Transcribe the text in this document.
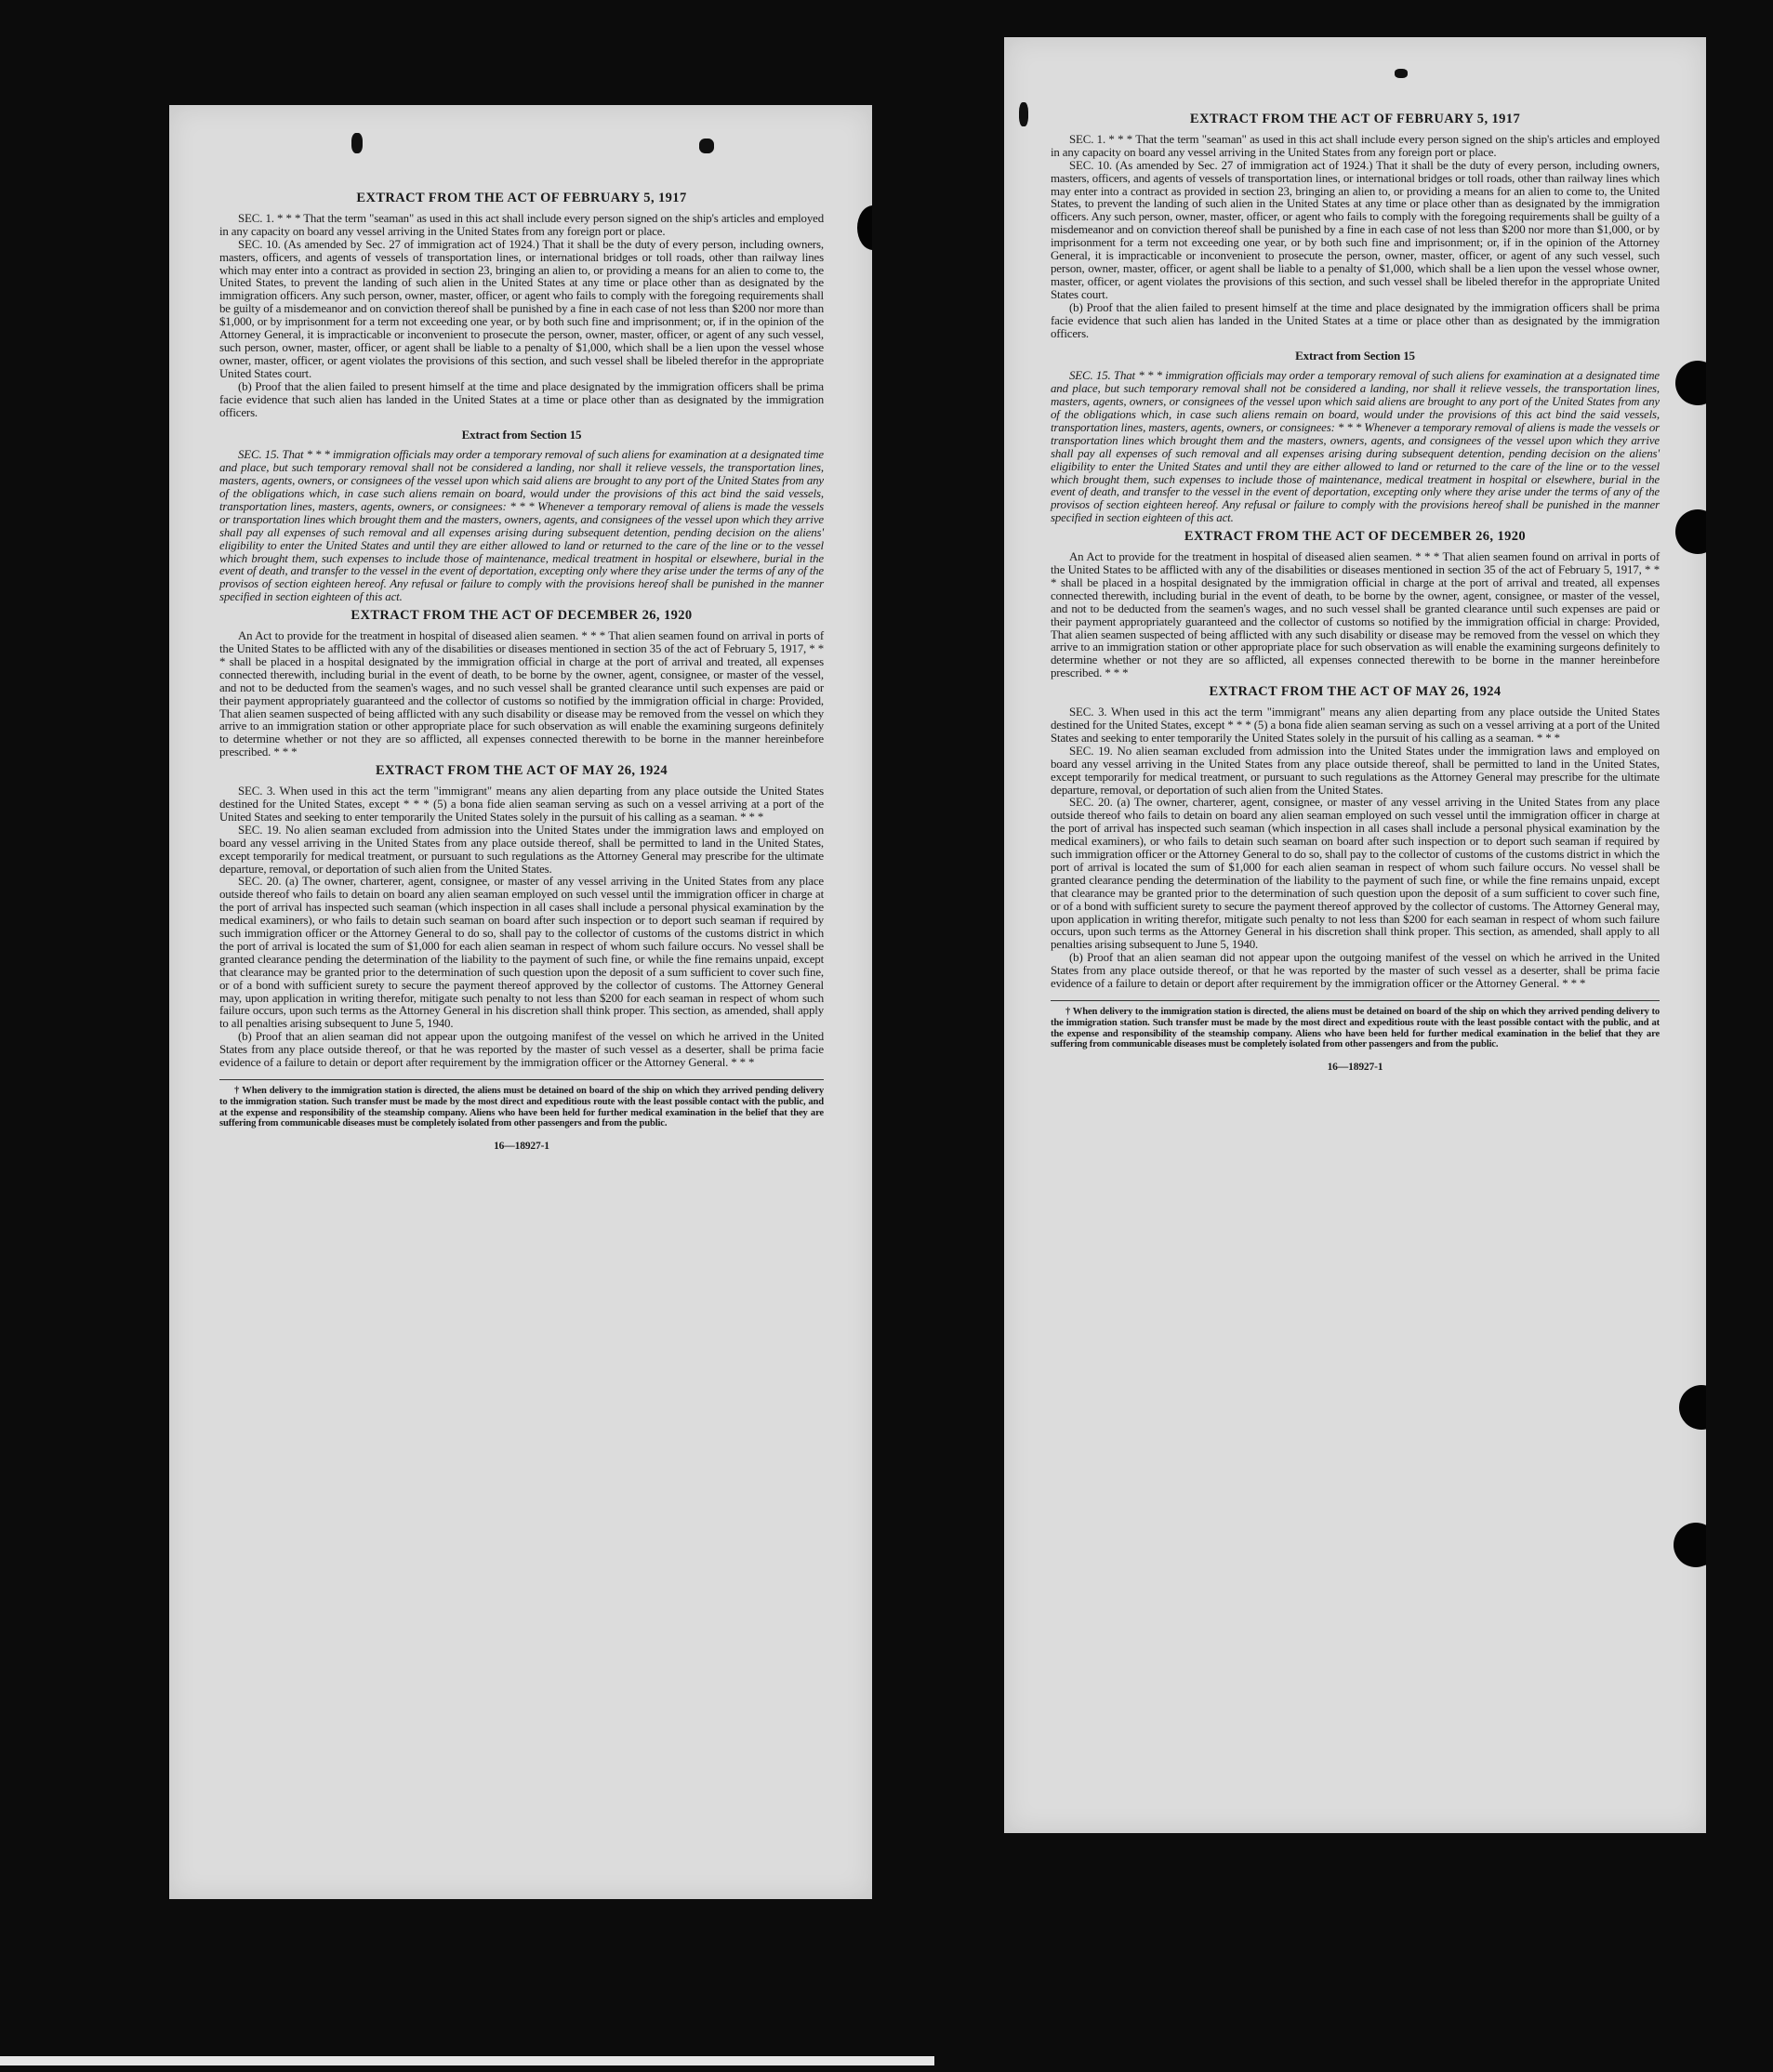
EXTRACT FROM THE ACT OF FEBRUARY 5, 1917

SEC. 1. * * * That the term "seaman" as used in this act shall include every person signed on the ship's articles and employed in any capacity on board any vessel arriving in the United States from any foreign port or place.

SEC. 10. (As amended by Sec. 27 of immigration act of 1924.) That it shall be the duty of every person, including owners, masters, officers, and agents of vessels of transportation lines, or international bridges or toll roads, other than railway lines which may enter into a contract as provided in section 23, bringing an alien to, or providing a means for an alien to come to, the United States, to prevent the landing of such alien in the United States at any time or place other than as designated by the immigration officers. Any such person, owner, master, officer, or agent who fails to comply with the foregoing requirements shall be guilty of a misdemeanor and on conviction thereof shall be punished by a fine in each case of not less than $200 nor more than $1,000, or by imprisonment for a term not exceeding one year, or by both such fine and imprisonment; or, if in the opinion of the Attorney General, it is impracticable or inconvenient to prosecute the person, owner, master, officer, or agent of any such vessel, such person, owner, master, officer, or agent shall be liable to a penalty of $1,000, which shall be a lien upon the vessel whose owner, master, officer, or agent violates the provisions of this section, and such vessel shall be libeled therefor in the appropriate United States court.

(b) Proof that the alien failed to present himself at the time and place designated by the immigration officers shall be prima facie evidence that such alien has landed in the United States at a time or place other than as designated by the immigration officers.

Extract from Section 15

SEC. 15. That * * * immigration officials may order a temporary removal of such aliens for examination at a designated time and place, but such temporary removal shall not be considered a landing, nor shall it relieve vessels, the transportation lines, masters, agents, owners, or consignees of the vessel upon which said aliens are brought to any port of the United States from any of the obligations which, in case such aliens remain on board, would under the provisions of this act bind the said vessels, transportation lines, masters, agents, owners, or consignees: * * * Whenever a temporary removal of aliens is made the vessels or transportation lines which brought them and the masters, owners, agents, and consignees of the vessel upon which they arrive shall pay all expenses of such removal and all expenses arising during subsequent detention, pending decision on the aliens' eligibility to enter the United States and until they are either allowed to land or returned to the care of the line or to the vessel which brought them, such expenses to include those of maintenance, medical treatment in hospital or elsewhere, burial in the event of death, and transfer to the vessel in the event of deportation, excepting only where they arise under the terms of any of the provisos of section eighteen hereof. Any refusal or failure to comply with the provisions hereof shall be punished in the manner specified in section eighteen of this act.

EXTRACT FROM THE ACT OF DECEMBER 26, 1920

An Act to provide for the treatment in hospital of diseased alien seamen. * * * That alien seamen found on arrival in ports of the United States to be afflicted with any of the disabilities or diseases mentioned in section 35 of the act of February 5, 1917, * * * shall be placed in a hospital designated by the immigration official in charge at the port of arrival and treated, all expenses connected therewith, including burial in the event of death, to be borne by the owner, agent, consignee, or master of the vessel, and not to be deducted from the seamen's wages, and no such vessel shall be granted clearance until such expenses are paid or their payment appropriately guaranteed and the collector of customs so notified by the immigration official in charge: Provided, That alien seamen suspected of being afflicted with any such disability or disease may be removed from the vessel on which they arrive to an immigration station or other appropriate place for such observation as will enable the examining surgeons definitely to determine whether or not they are so afflicted, all expenses connected therewith to be borne in the manner hereinbefore prescribed. * * *

EXTRACT FROM THE ACT OF MAY 26, 1924

SEC. 3. When used in this act the term "immigrant" means any alien departing from any place outside the United States destined for the United States, except * * * (5) a bona fide alien seaman serving as such on a vessel arriving at a port of the United States and seeking to enter temporarily the United States solely in the pursuit of his calling as a seaman. * * *

SEC. 19. No alien seaman excluded from admission into the United States under the immigration laws and employed on board any vessel arriving in the United States from any place outside thereof, shall be permitted to land in the United States, except temporarily for medical treatment, or pursuant to such regulations as the Attorney General may prescribe for the ultimate departure, removal, or deportation of such alien from the United States.

SEC. 20. (a) The owner, charterer, agent, consignee, or master of any vessel arriving in the United States from any place outside thereof who fails to detain on board any alien seaman employed on such vessel until the immigration officer in charge at the port of arrival has inspected such seaman (which inspection in all cases shall include a personal physical examination by the medical examiners), or who fails to detain such seaman on board after such inspection or to deport such seaman if required by such immigration officer or the Attorney General to do so, shall pay to the collector of customs of the customs district in which the port of arrival is located the sum of $1,000 for each alien seaman in respect of whom such failure occurs. No vessel shall be granted clearance pending the determination of the liability to the payment of such fine, or while the fine remains unpaid, except that clearance may be granted prior to the determination of such question upon the deposit of a sum sufficient to cover such fine, or of a bond with sufficient surety to secure the payment thereof approved by the collector of customs. The Attorney General may, upon application in writing therefor, mitigate such penalty to not less than $200 for each seaman in respect of whom such failure occurs, upon such terms as the Attorney General in his discretion shall think proper. This section, as amended, shall apply to all penalties arising subsequent to June 5, 1940.

(b) Proof that an alien seaman did not appear upon the outgoing manifest of the vessel on which he arrived in the United States from any place outside thereof, or that he was reported by the master of such vessel as a deserter, shall be prima facie evidence of a failure to detain or deport after requirement by the immigration officer or the Attorney General. * * *

† When delivery to the immigration station is directed, the aliens must be detained on board of the ship on which they arrived pending delivery to the immigration station. Such transfer must be made by the most direct and expeditious route with the least possible contact with the public, and at the expense and responsibility of the steamship company. Aliens who have been held for further medical examination in the belief that they are suffering from communicable diseases must be completely isolated from other passengers and from the public.

16—18927-1
EXTRACT FROM THE ACT OF FEBRUARY 5, 1917

SEC. 1. * * * That the term "seaman" as used in this act shall include every person signed on the ship's articles and employed in any capacity on board any vessel arriving in the United States from any foreign port or place.

SEC. 10. (As amended by Sec. 27 of immigration act of 1924.) That it shall be the duty of every person, including owners, masters, officers, and agents of vessels of transportation lines, or international bridges or toll roads, other than railway lines which may enter into a contract as provided in section 23, bringing an alien to, or providing a means for an alien to come to, the United States, to prevent the landing of such alien in the United States at any time or place other than as designated by the immigration officers. Any such person, owner, master, officer, or agent who fails to comply with the foregoing requirements shall be guilty of a misdemeanor and on conviction thereof shall be punished by a fine in each case of not less than $200 nor more than $1,000, or by imprisonment for a term not exceeding one year, or by both such fine and imprisonment; or, if in the opinion of the Attorney General, it is impracticable or inconvenient to prosecute the person, owner, master, officer, or agent of any such vessel, such person, owner, master, officer, or agent shall be liable to a penalty of $1,000, which shall be a lien upon the vessel whose owner, master, officer, or agent violates the provisions of this section, and such vessel shall be libeled therefor in the appropriate United States court.

(b) Proof that the alien failed to present himself at the time and place designated by the immigration officers shall be prima facie evidence that such alien has landed in the United States at a time or place other than as designated by the immigration officers.

Extract from Section 15

SEC. 15. That * * * immigration officials may order a temporary removal of such aliens for examination at a designated time and place, but such temporary removal shall not be considered a landing, nor shall it relieve vessels, the transportation lines, masters, agents, owners, or consignees of the vessel upon which said aliens are brought to any port of the United States from any of the obligations which, in case such aliens remain on board, would under the provisions of this act bind the said vessels, transportation lines, masters, agents, owners, or consignees: * * * Whenever a temporary removal of aliens is made the vessels or transportation lines which brought them and the masters, owners, agents, and consignees of the vessel upon which they arrive shall pay all expenses of such removal and all expenses arising during subsequent detention, pending decision on the aliens' eligibility to enter the United States and until they are either allowed to land or returned to the care of the line or to the vessel which brought them, such expenses to include those of maintenance, medical treatment in hospital or elsewhere, burial in the event of death, and transfer to the vessel in the event of deportation, excepting only where they arise under the terms of any of the provisos of section eighteen hereof. Any refusal or failure to comply with the provisions hereof shall be punished in the manner specified in section eighteen of this act.

EXTRACT FROM THE ACT OF DECEMBER 26, 1920

An Act to provide for the treatment in hospital of diseased alien seamen. * * * That alien seamen found on arrival in ports of the United States to be afflicted with any of the disabilities or diseases mentioned in section 35 of the act of February 5, 1917, * * * shall be placed in a hospital designated by the immigration official in charge at the port of arrival and treated, all expenses connected therewith, including burial in the event of death, to be borne by the owner, agent, consignee, or master of the vessel, and not to be deducted from the seamen's wages, and no such vessel shall be granted clearance until such expenses are paid or their payment appropriately guaranteed and the collector of customs so notified by the immigration official in charge: Provided, That alien seamen suspected of being afflicted with any such disability or disease may be removed from the vessel on which they arrive to an immigration station or other appropriate place for such observation as will enable the examining surgeons definitely to determine whether or not they are so afflicted, all expenses connected therewith to be borne in the manner hereinbefore prescribed. * * *

EXTRACT FROM THE ACT OF MAY 26, 1924

SEC. 3. When used in this act the term "immigrant" means any alien departing from any place outside the United States destined for the United States, except * * * (5) a bona fide alien seaman serving as such on a vessel arriving at a port of the United States and seeking to enter temporarily the United States solely in the pursuit of his calling as a seaman. * * *

SEC. 19. No alien seaman excluded from admission into the United States under the immigration laws and employed on board any vessel arriving in the United States from any place outside thereof, shall be permitted to land in the United States, except temporarily for medical treatment, or pursuant to such regulations as the Attorney General may prescribe for the ultimate departure, removal, or deportation of such alien from the United States.

SEC. 20. (a) The owner, charterer, agent, consignee, or master of any vessel arriving in the United States from any place outside thereof who fails to detain on board any alien seaman employed on such vessel until the immigration officer in charge at the port of arrival has inspected such seaman (which inspection in all cases shall include a personal physical examination by the medical examiners), or who fails to detain such seaman on board after such inspection or to deport such seaman if required by such immigration officer or the Attorney General to do so, shall pay to the collector of customs of the customs district in which the port of arrival is located the sum of $1,000 for each alien seaman in respect of whom such failure occurs. No vessel shall be granted clearance pending the determination of the liability to the payment of such fine, or while the fine remains unpaid, except that clearance may be granted prior to the determination of such question upon the deposit of a sum sufficient to cover such fine, or of a bond with sufficient surety to secure the payment thereof approved by the collector of customs. The Attorney General may, upon application in writing therefor, mitigate such penalty to not less than $200 for each seaman in respect of whom such failure occurs, upon such terms as the Attorney General in his discretion shall think proper. This section, as amended, shall apply to all penalties arising subsequent to June 5, 1940.

(b) Proof that an alien seaman did not appear upon the outgoing manifest of the vessel on which he arrived in the United States from any place outside thereof, or that he was reported by the master of such vessel as a deserter, shall be prima facie evidence of a failure to detain or deport after requirement by the immigration officer or the Attorney General. * * *

† When delivery to the immigration station is directed, the aliens must be detained on board of the ship on which they arrived pending delivery to the immigration station. Such transfer must be made by the most direct and expeditious route with the least possible contact with the public, and at the expense and responsibility of the steamship company. Aliens who have been held for further medical examination in the belief that they are suffering from communicable diseases must be completely isolated from other passengers and from the public.

16—18927-1
